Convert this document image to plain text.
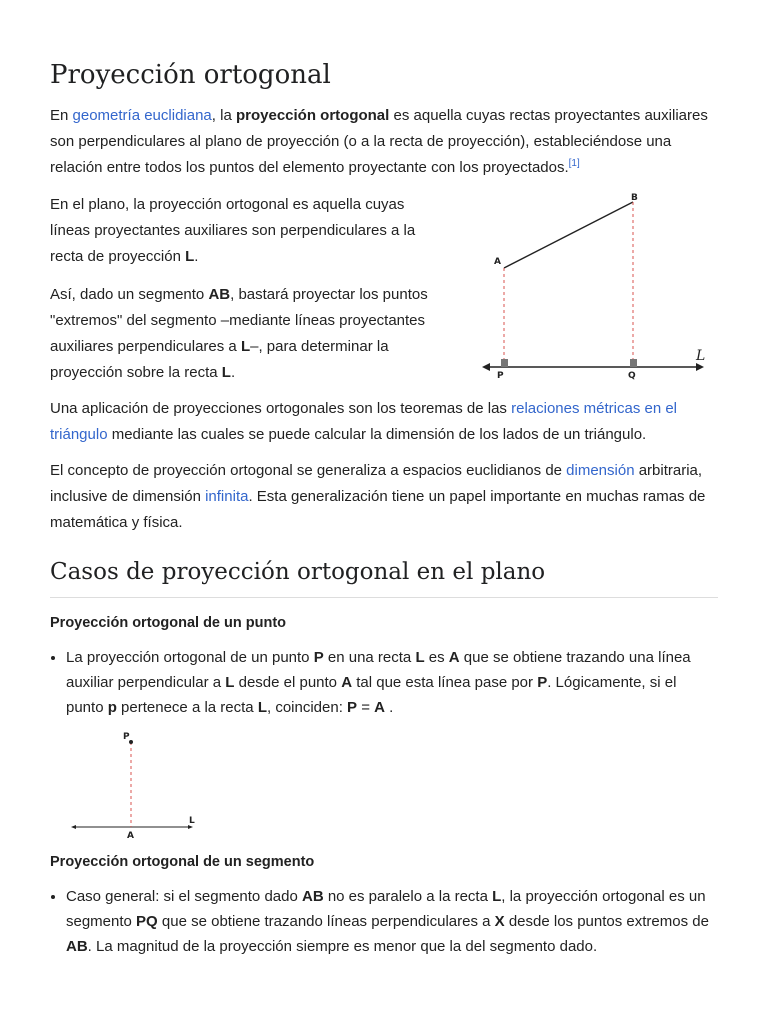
Proyección ortogonal

En geometría euclidiana, la proyección ortogonal es aquella cuyas rectas proyectantes auxiliares son perpendiculares al plano de proyección (o a la recta de proyección), estableciéndose una relación entre todos los puntos del elemento proyectante con los proyectados.[1]

En el plano, la proyección ortogonal es aquella cuyas líneas proyectantes auxiliares son perpendiculares a la recta de proyección L.

Así, dado un segmento AB, bastará proyectar los puntos "extremos" del segmento –mediante líneas proyectantes auxiliares perpendiculares a L–, para determinar la proyección sobre la recta L.

A
B
P	Q
L

Una aplicación de proyecciones ortogonales son los teoremas de las relaciones métricas en el triángulo mediante las cuales se puede calcular la dimensión de los lados de un triángulo.

El concepto de proyección ortogonal se generaliza a espacios euclidianos de dimensión arbitraria, inclusive de dimensión infinita. Esta generalización tiene un papel importante en muchas ramas de matemática y física.

Casos de proyección ortogonal en el plano
Proyección ortogonal de un punto
• La proyección ortogonal de un punto P en una recta L es A que se obtiene trazando una línea auxiliar perpendicular a L desde el punto A tal que esta línea pase por P. Lógicamente, si el punto p pertenece a la recta L, coinciden: P = A .
P
A
L
Proyección ortogonal de un segmento
• Caso general: si el segmento dado AB no es paralelo a la recta L, la proyección ortogonal es un segmento PQ que se obtiene trazando líneas perpendiculares a X desde los puntos extremos de AB. La magnitud de la proyección siempre es menor que la del segmento dado.
